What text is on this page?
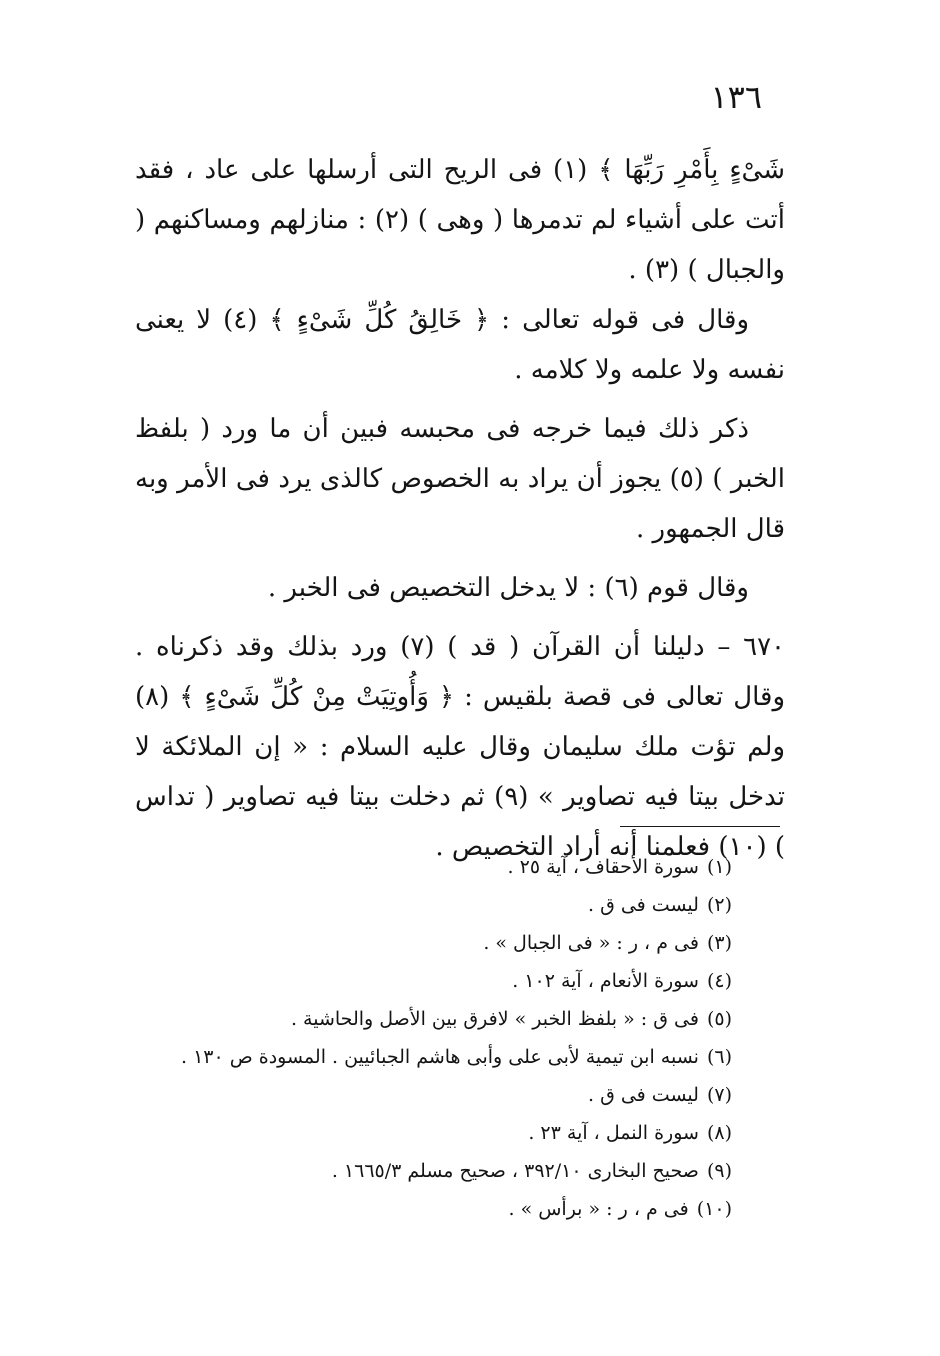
١٣٦

شَىْءٍ بِأَمْرِ رَبِّهَا ﴾ (١) فى الريح التى أرسلها على عاد ، فقد أتت على أشياء لم تدمرها ( وهى ) (٢) : منازلهم ومساكنهم ( والجبال ) (٣) .

وقال فى قوله تعالى : ﴿ خَالِقُ كُلِّ شَىْءٍ ﴾ (٤) لا يعنى نفسه ولا علمه ولا كلامه .

ذكر ذلك فيما خرجه فى محبسه فبين أن ما ورد ( بلفظ الخبر ) (٥) يجوز أن يراد به الخصوص كالذى يرد فى الأمر وبه قال الجمهور .

وقال قوم (٦) : لا يدخل التخصيص فى الخبر .

٦٧٠ – دليلنا أن القرآن ( قد ) (٧) ورد بذلك وقد ذكرناه . وقال تعالى فى قصة بلقيس : ﴿ وَأُوتِيَتْ مِنْ كُلِّ شَىْءٍ ﴾ (٨) ولم تؤت ملك سليمان وقال عليه السلام : « إن الملائكة لا تدخل بيتا فيه تصاوير » (٩) ثم دخلت بيتا فيه تصاوير ( تداس ) (١٠) فعلمنا أنه أراد التخصيص .

(١)سورة الأحقاف ، آية ٢٥ .
(٢)ليست فى ق .
(٣)فى م ، ر : « فى الجبال » .
(٤)سورة الأنعام ، آية ١٠٢ .
(٥)فى ق : « بلفظ الخبر » لافرق بين الأصل والحاشية .
(٦)نسبه ابن تيمية لأبى على وأبى هاشم الجبائيين . المسودة ص ١٣٠ .
(٧)ليست فى ق .
(٨)سورة النمل ، آية ٢٣ .
(٩)صحيح البخارى ٣٩٢/١٠ ، صحيح مسلم ١٦٦٥/٣ .
(١٠)فى م ، ر : « برأس » .
